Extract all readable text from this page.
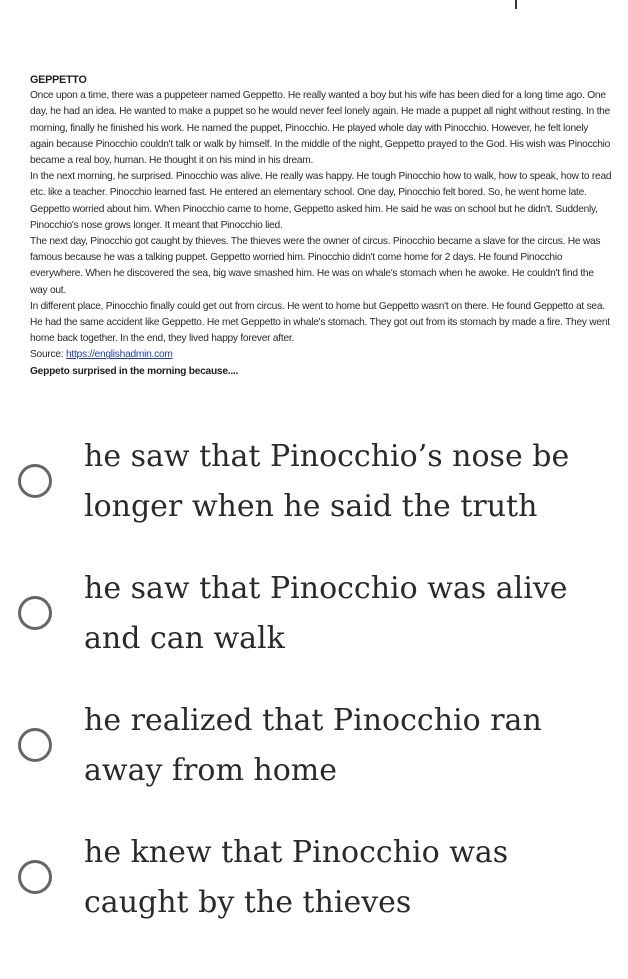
GEPPETTO

Once upon a time, there was a puppeteer named Geppetto. He really wanted a boy but his wife has been died for a long time ago. One day, he had an idea. He wanted to make a puppet so he would never feel lonely again. He made a puppet all night without resting. In the morning, finally he finished his work. He named the puppet, Pinocchio. He played whole day with Pinocchio. However, he felt lonely again because Pinocchio couldn't talk or walk by himself. In the middle of the night, Geppetto prayed to the God. His wish was Pinocchio became a real boy, human. He thought it on his mind in his dream.

In the next morning, he surprised. Pinocchio was alive. He really was happy. He tough Pinocchio how to walk, how to speak, how to read etc. like a teacher. Pinocchio learned fast. He entered an elementary school. One day, Pinocchio felt bored. So, he went home late. Geppetto worried about him. When Pinocchio came to home, Geppetto asked him. He said he was on school but he didn't. Suddenly, Pinocchio's nose grows longer. It meant that Pinocchio lied.

The next day, Pinocchio got caught by thieves. The thieves were the owner of circus. Pinocchio became a slave for the circus. He was famous because he was a talking puppet. Geppetto worried him. Pinocchio didn't come home for 2 days. He found Pinocchio everywhere. When he discovered the sea, big wave smashed him. He was on whale's stomach when he awoke. He couldn't find the way out.

In different place, Pinocchio finally could get out from circus. He went to home but Geppetto wasn't on there. He found Geppetto at sea. He had the same accident like Geppetto. He met Geppetto in whale's stomach. They got out from its stomach by made a fire. They went home back together. In the end, they lived happy forever after.

Source: https://englishadmin.com

Geppeto surprised in the morning because....

he saw that Pinocchio’s nose be longer when he said the truth
he saw that Pinocchio was alive and can walk
he realized that Pinocchio ran away from home
he knew that Pinocchio was caught by the thieves
